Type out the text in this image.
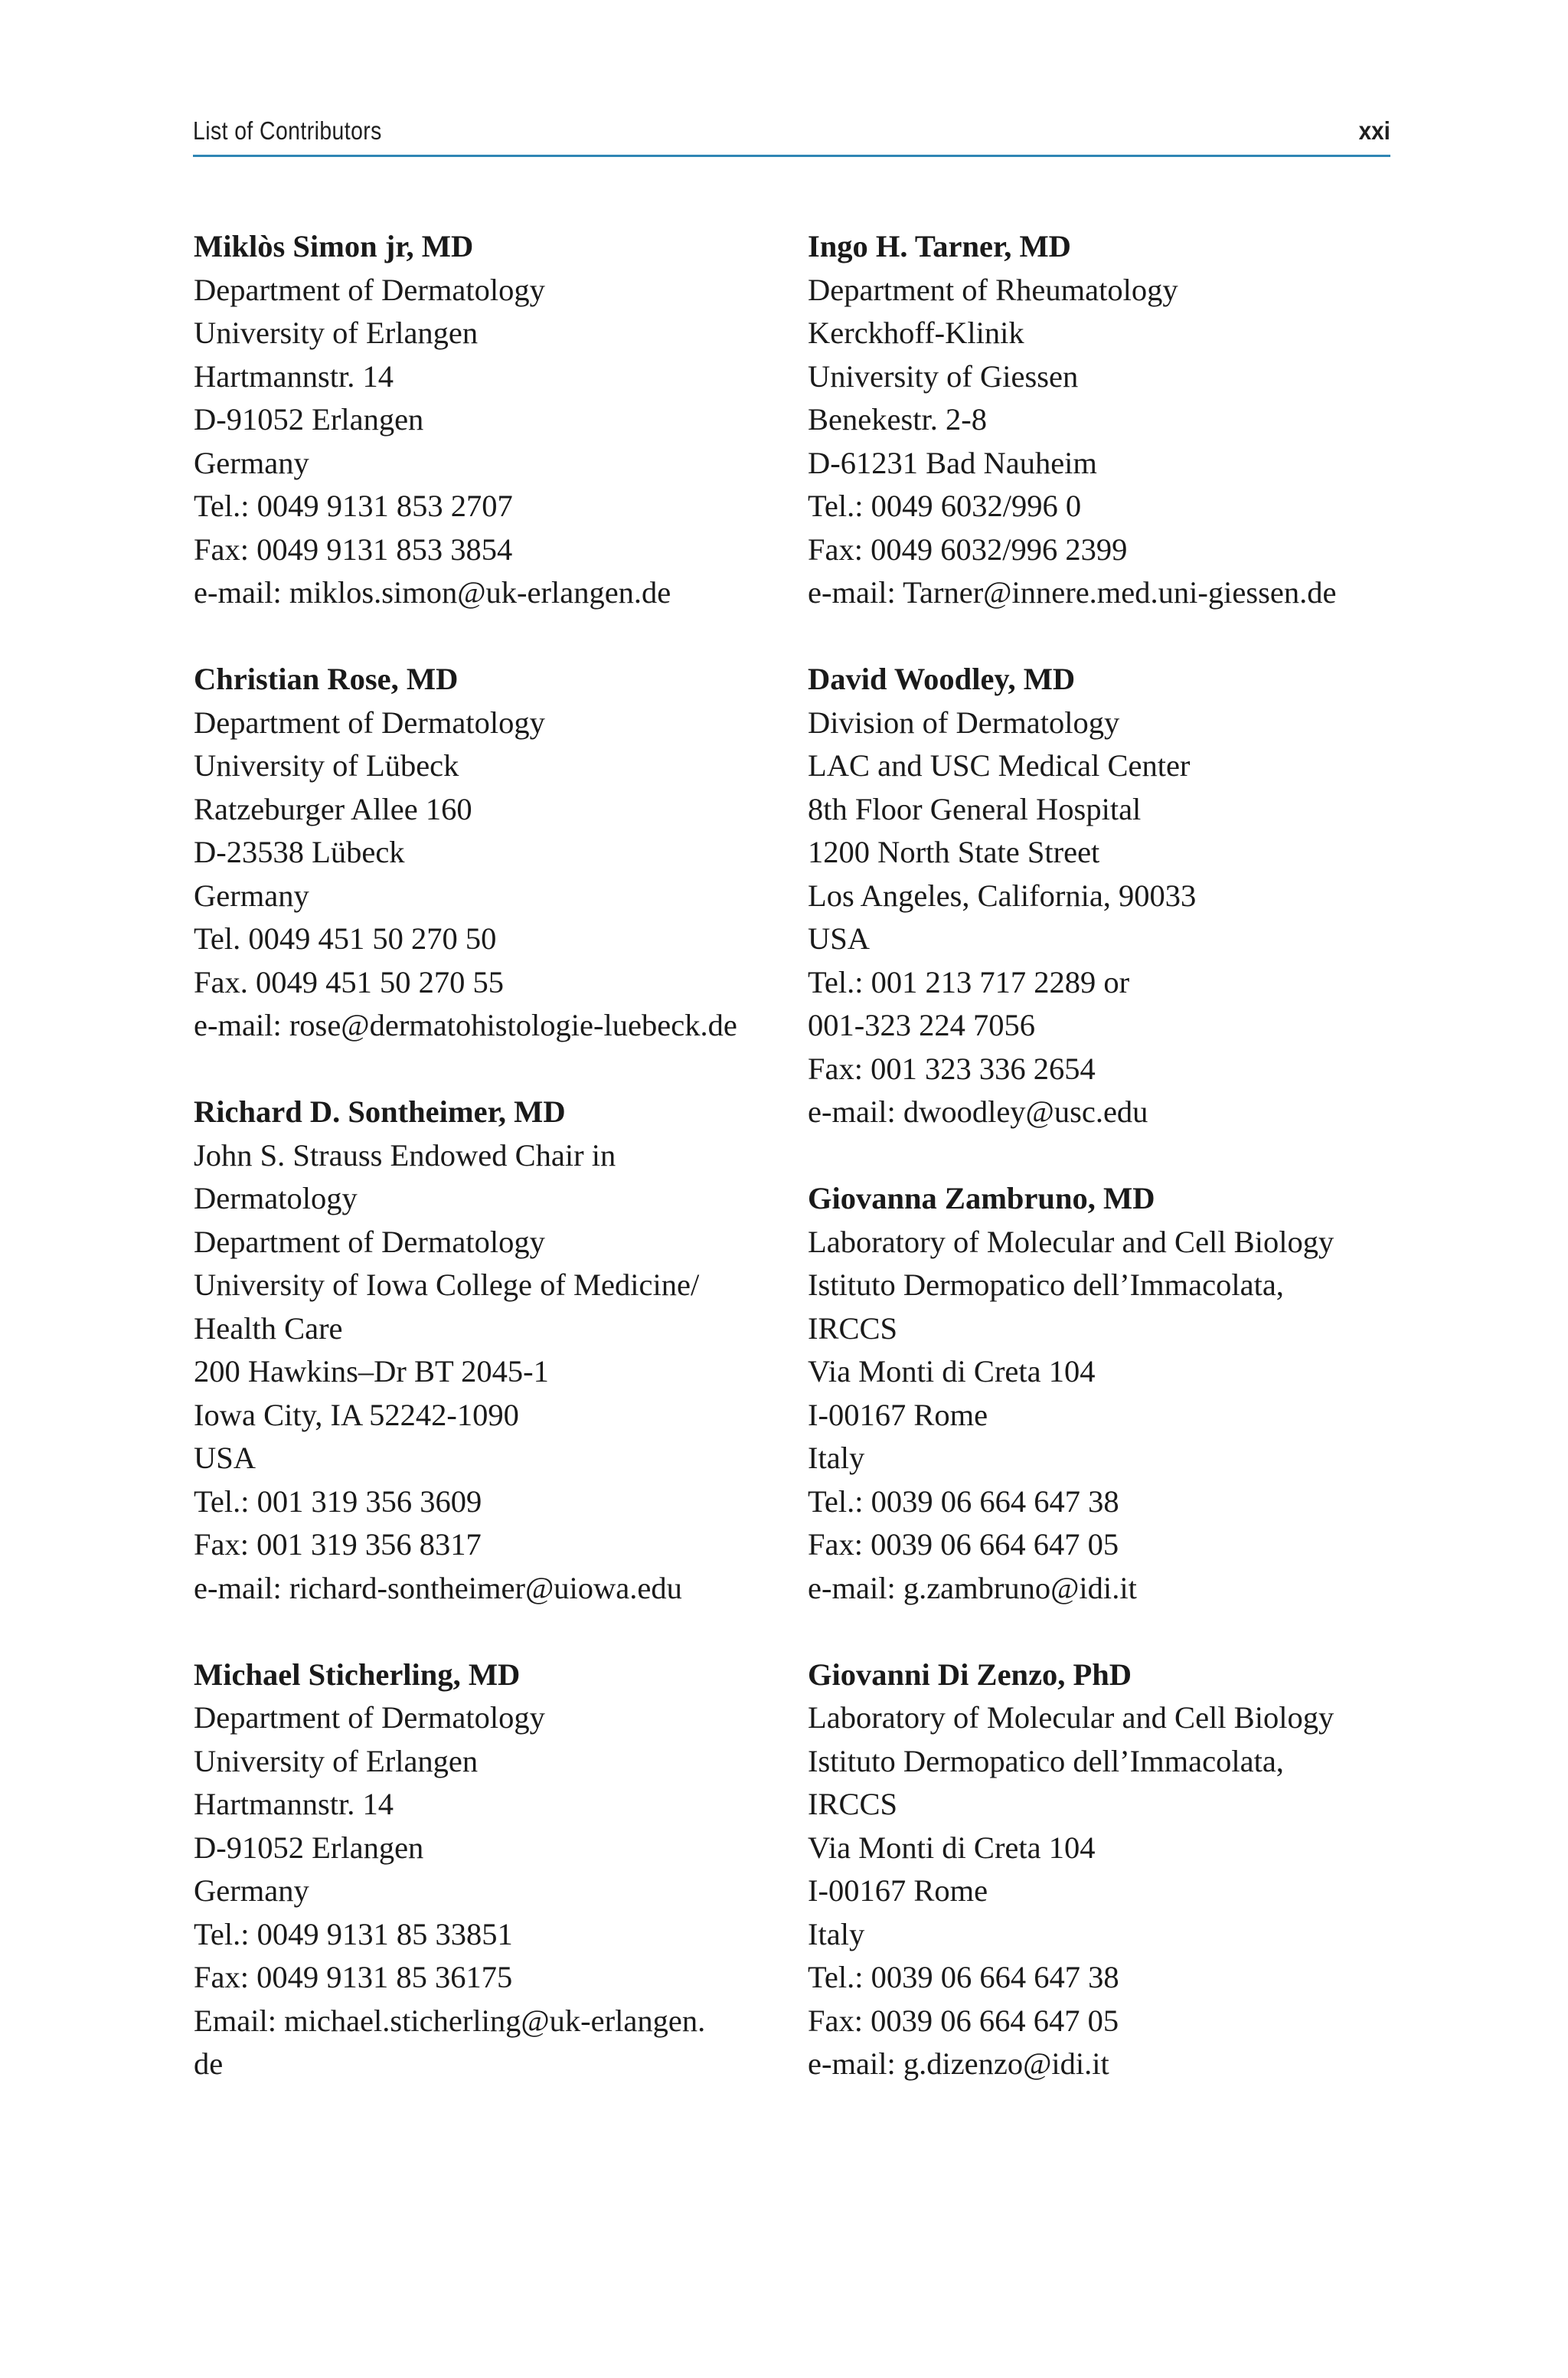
List of Contributors	xxi
Miklòs Simon jr, MD
Department of Dermatology
University of Erlangen
Hartmannstr. 14
D-91052 Erlangen
Germany
Tel.: 0049 9131 853 2707
Fax: 0049 9131 853 3854
e-mail: miklos.simon@uk-erlangen.de
Christian Rose, MD
Department of Dermatology
University of Lübeck
Ratzeburger Allee 160
D-23538 Lübeck
Germany
Tel. 0049 451 50 270 50
Fax. 0049 451 50 270 55
e-mail: rose@dermatohistologie-luebeck.de
Richard D. Sontheimer, MD
John S. Strauss Endowed Chair in
Dermatology
Department of Dermatology
University of Iowa College of Medicine/
Health Care
200 Hawkins–Dr BT 2045-1
Iowa City, IA 52242-1090
USA
Tel.: 001 319 356 3609
Fax: 001 319 356 8317
e-mail: richard-sontheimer@uiowa.edu
Michael Sticherling, MD
Department of Dermatology
University of Erlangen
Hartmannstr. 14
D-91052 Erlangen
Germany
Tel.: 0049 9131 85 33851
Fax: 0049 9131 85 36175
Email: michael.sticherling@uk-erlangen.
de
Ingo H. Tarner, MD
Department of Rheumatology
Kerckhoff-Klinik
University of Giessen
Benekestr. 2-8
D-61231 Bad Nauheim
Tel.: 0049 6032/996 0
Fax: 0049 6032/996 2399
e-mail: Tarner@innere.med.uni-giessen.de
David Woodley, MD
Division of Dermatology
LAC and USC Medical Center
8th Floor General Hospital
1200 North State Street
Los Angeles, California, 90033
USA
Tel.: 001 213 717 2289 or
001-323 224 7056
Fax: 001 323 336 2654
e-mail: dwoodley@usc.edu
Giovanna Zambruno, MD
Laboratory of Molecular and Cell Biology
Istituto Dermopatico dell’Immacolata,
IRCCS
Via Monti di Creta 104
I-00167 Rome
Italy
Tel.: 0039 06 664 647 38
Fax: 0039 06 664 647 05
e-mail: g.zambruno@idi.it
Giovanni Di Zenzo, PhD
Laboratory of Molecular and Cell Biology
Istituto Dermopatico dell’Immacolata,
IRCCS
Via Monti di Creta 104
I-00167 Rome
Italy
Tel.: 0039 06 664 647 38
Fax: 0039 06 664 647 05
e-mail: g.dizenzo@idi.it
